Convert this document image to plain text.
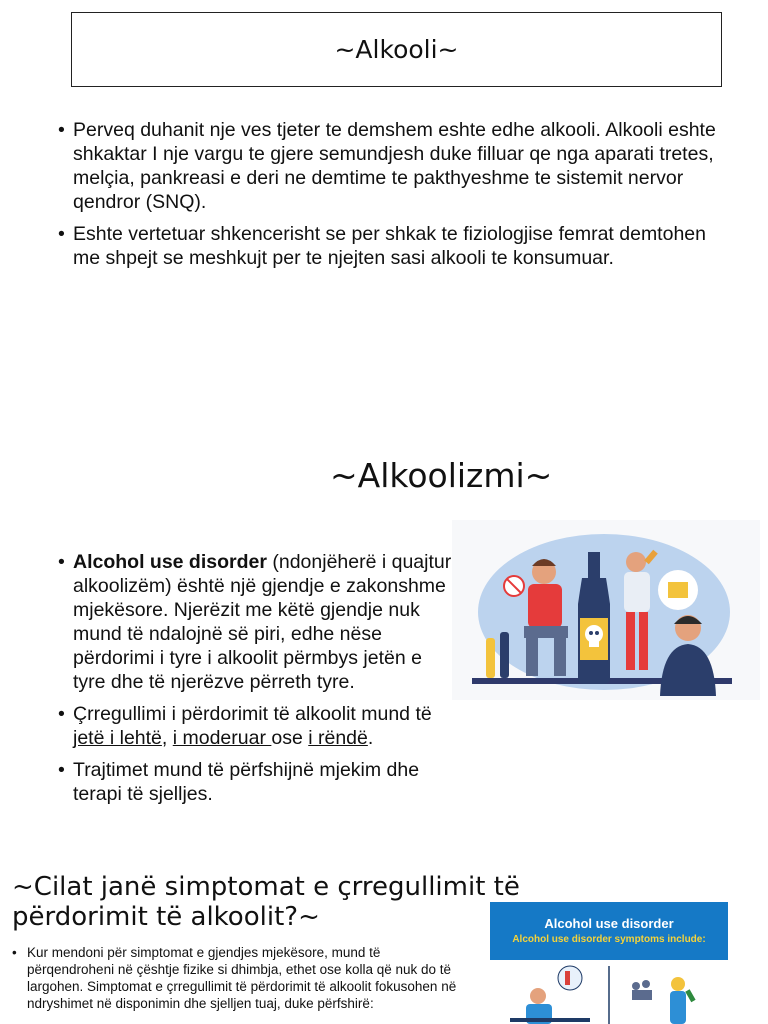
~Alkooli~
• Perveq duhanit nje ves tjeter te demshem eshte edhe alkooli. Alkooli eshte shkaktar I nje vargu te gjere semundjesh duke filluar qe nga aparati tretes, melçia, pankreasi e deri ne demtime te pakthyeshme te sistemit nervor qendror (SNQ).
• Eshte vertetuar shkencerisht se per shkak te fiziologjise femrat demtohen me shpejt se meshkujt per te njejten sasi alkooli te konsumuar.
~Alkoolizmi~
• Alcohol use disorder (ndonjëherë i quajtur alkoolizëm) është një gjendje e zakonshme mjekësore. Njerëzit me këtë gjendje nuk mund të ndalojnë së piri, edhe nëse përdorimi i tyre i alkoolit përmbys jetën e tyre dhe të njerëzve përreth tyre.
• Çrregullimi i përdorimit të alkoolit mund të jetë i lehtë, i moderuar ose i rëndë.
• Trajtimet mund të përfshijnë mjekim dhe terapi të sjelljes.
~Cilat janë simptomat e çrregullimit të përdorimit të alkoolit?~
• Kur mendoni për simptomat e gjendjes mjekësore, mund të përqendroheni në çështje fizike si dhimbja, ethet ose kolla që nuk do të largohen. Simptomat e çrregullimit të përdorimit të alkoolit fokusohen në ndryshimet në disponimin dhe sjelljen tuaj, duke përfshirë:
Alcohol use disorder
Alcohol use disorder symptoms include:
